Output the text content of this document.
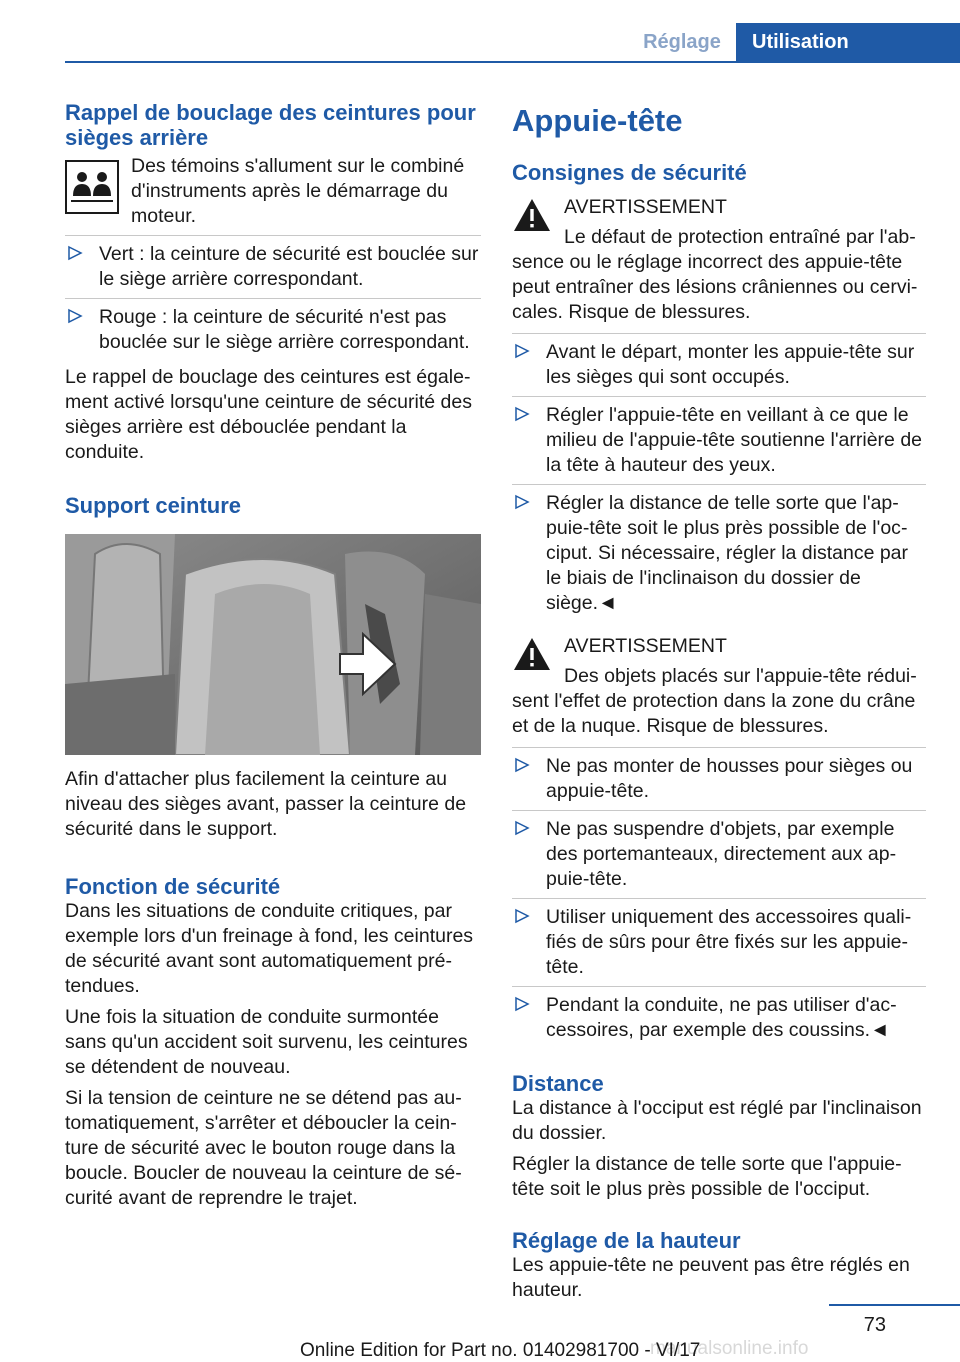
Réglage	Utilisation
Rappel de bouclage des ceintures pour sièges arrière

Des témoins s'allument sur le combiné d'instruments après le démarrage du moteur.

Vert : la ceinture de sécurité est bouclée sur le siège arrière correspondant.
Rouge : la ceinture de sécurité n'est pas bouclée sur le siège arrière correspondant.

Le rappel de bouclage des ceintures est également activé lorsqu'une ceinture de sécurité des sièges arrière est débouclée pendant la conduite.

Support ceinture

Afin d'attacher plus facilement la ceinture au niveau des sièges avant, passer la ceinture de sécurité dans le support.

Fonction de sécurité

Dans les situations de conduite critiques, par exemple lors d'un freinage à fond, les ceintures de sécurité avant sont automatiquement prétendues.

Une fois la situation de conduite surmontée sans qu'un accident soit survenu, les ceintures se détendent de nouveau.

Si la tension de ceinture ne se détend pas automatiquement, s'arrêter et déboucler la ceinture de sécurité avec le bouton rouge dans la boucle. Boucler de nouveau la ceinture de sécurité avant de reprendre le trajet.

Appuie-tête
Consignes de sécurité

AVERTISSEMENT

Le défaut de protection entraîné par l'absence ou le réglage incorrect des appuie-tête peut entraîner des lésions crâniennes ou cervicales. Risque de blessures.

Avant le départ, monter les appuie-tête sur les sièges qui sont occupés.
Régler l'appuie-tête en veillant à ce que le milieu de l'appuie-tête soutienne l'arrière de la tête à hauteur des yeux.
Régler la distance de telle sorte que l'appuie-tête soit le plus près possible de l'occiput. Si nécessaire, régler la distance par le biais de l'inclinaison du dossier de siège.◄

AVERTISSEMENT

Des objets placés sur l'appuie-tête réduisent l'effet de protection dans la zone du crâne et de la nuque. Risque de blessures.

Ne pas monter de housses pour sièges ou appuie-tête.
Ne pas suspendre d'objets, par exemple des portemanteaux, directement aux appuie-tête.
Utiliser uniquement des accessoires qualifiés de sûrs pour être fixés sur les appuie-tête.
Pendant la conduite, ne pas utiliser d'accessoires, par exemple des coussins.◄
Distance

La distance à l'occiput est réglé par l'inclinaison du dossier.

Régler la distance de telle sorte que l'appuie-tête soit le plus près possible de l'occiput.

Réglage de la hauteur

Les appuie-tête ne peuvent pas être réglés en hauteur.

73
manualsonline.info
Online Edition for Part no. 01402981700 - VI/17
